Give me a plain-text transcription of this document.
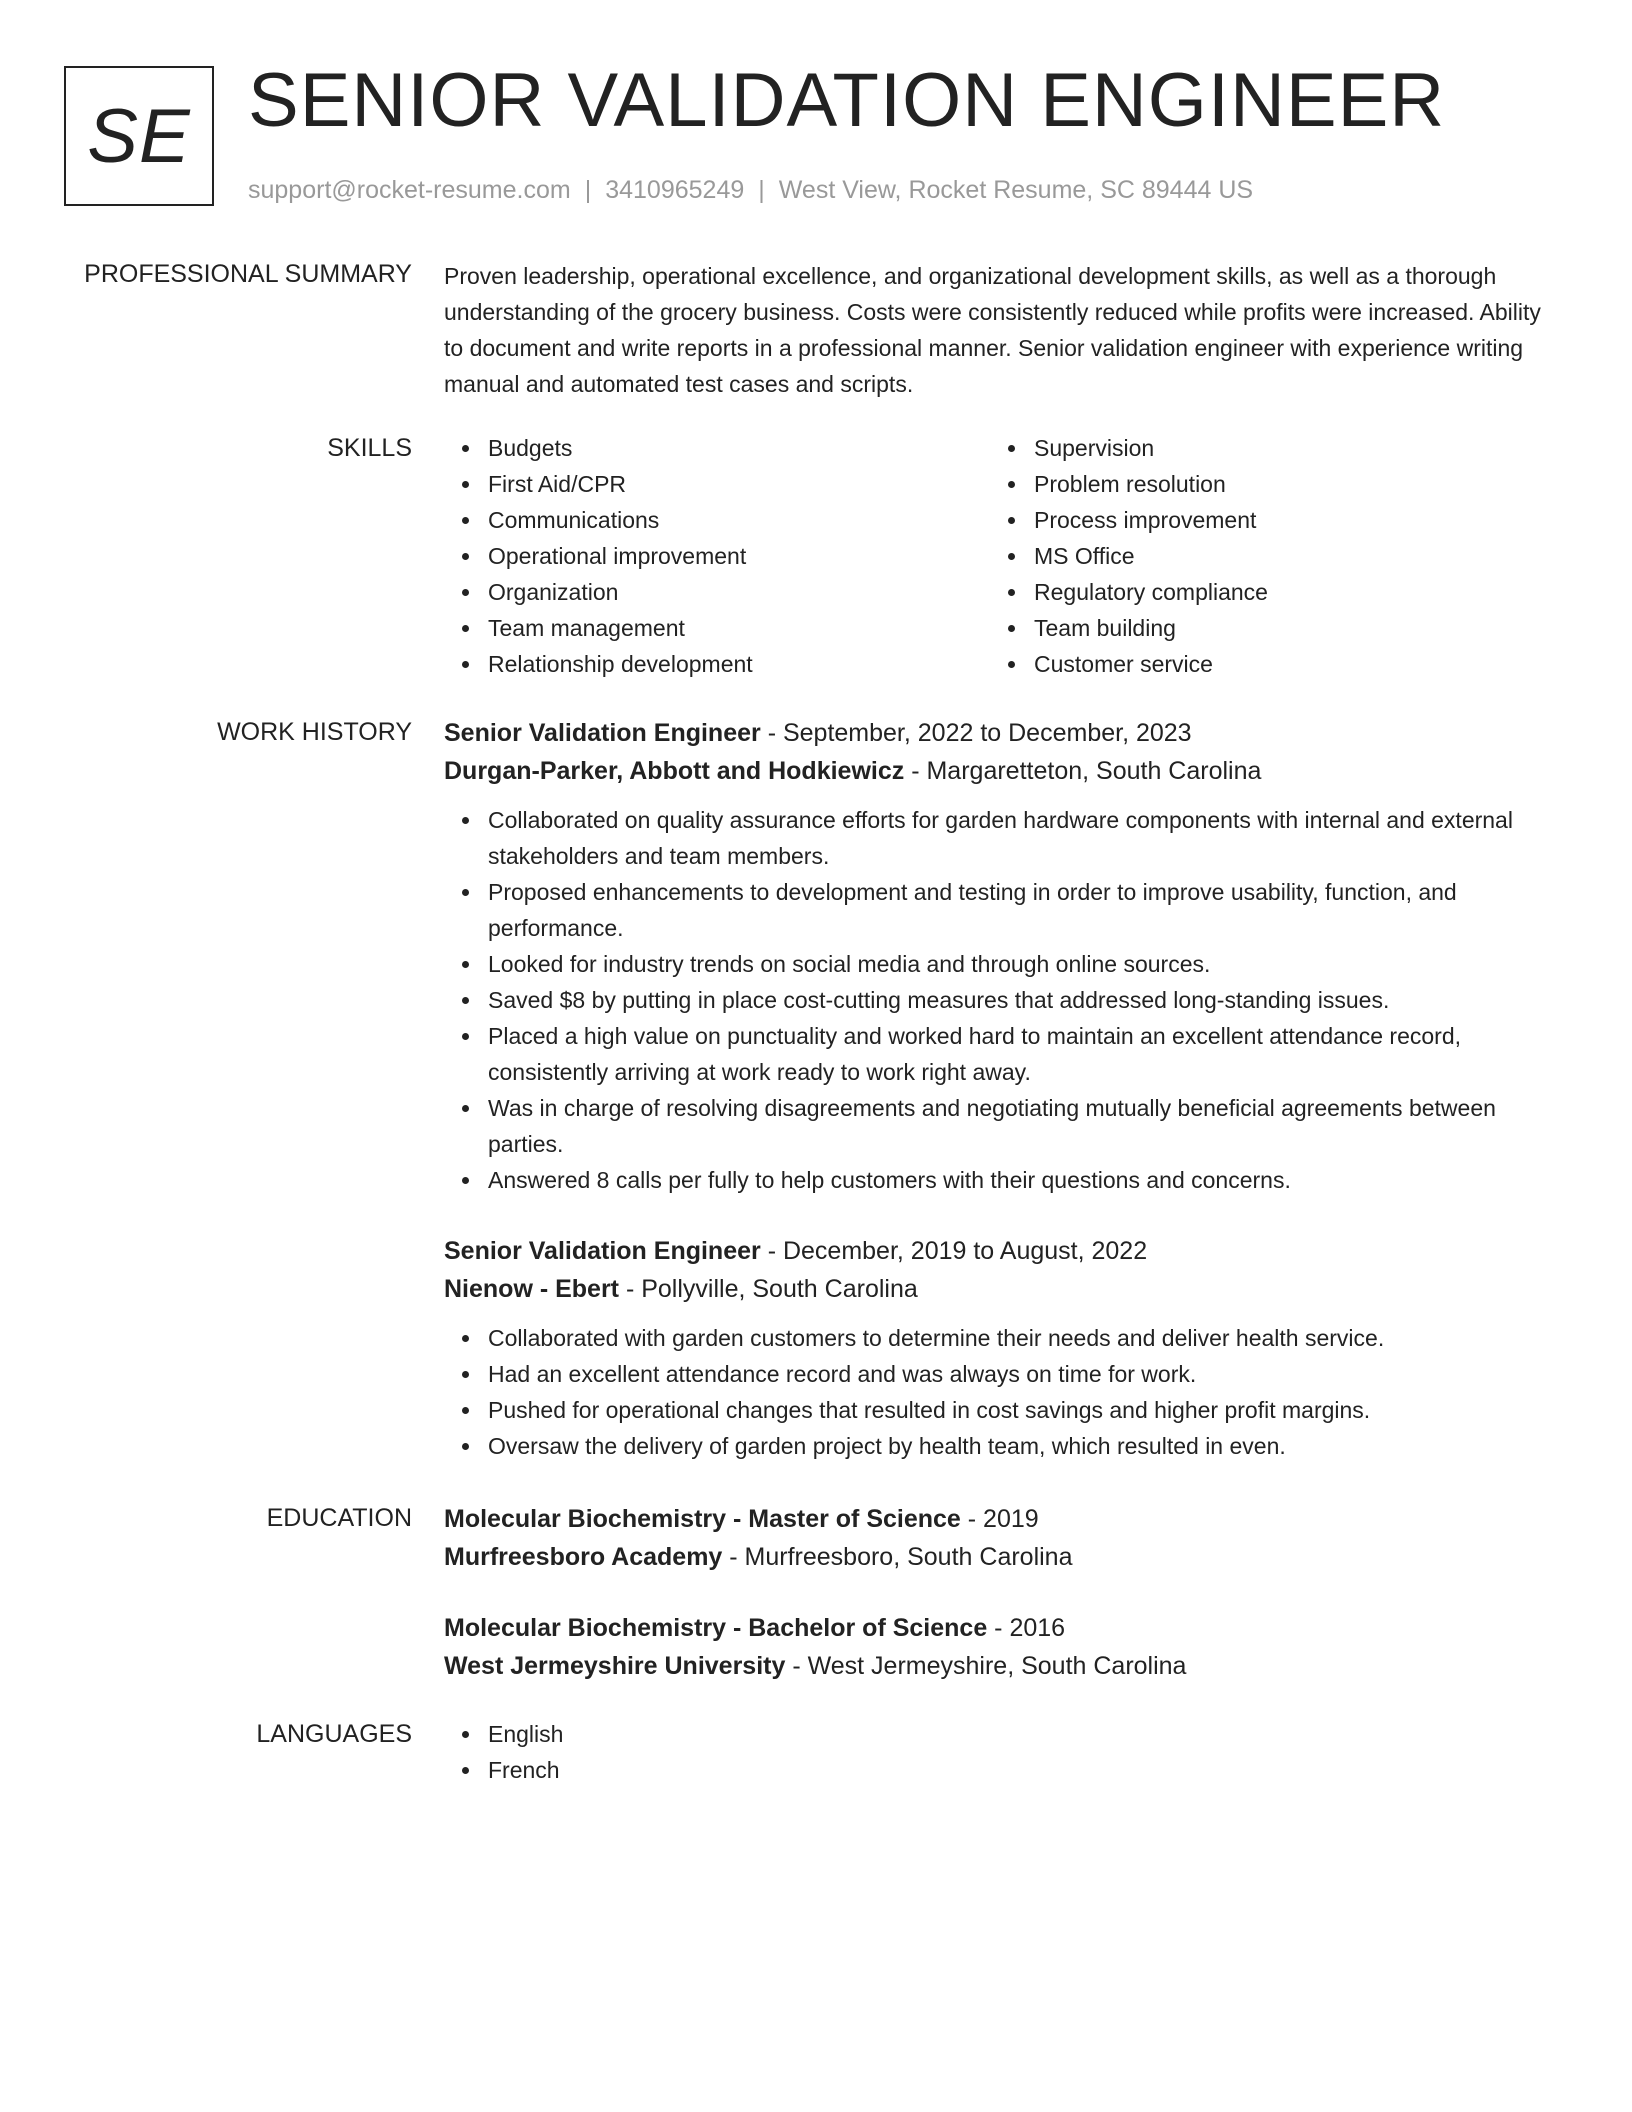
SE SENIOR VALIDATION ENGINEER
support@rocket-resume.com | 3410965249 | West View, Rocket Resume, SC 89444 US
PROFESSIONAL SUMMARY Proven leadership, operational excellence, and organizational development skills, as well as a thorough understanding of the grocery business. Costs were consistently reduced while profits were increased. Ability to document and write reports in a professional manner. Senior validation engineer with experience writing manual and automated test cases and scripts.

SKILLS	Budgets
First Aid/CPR
Communications
Operational improvement
Organization
Team management
Relationship development
Supervision
Problem resolution
Process improvement
MS Office
Regulatory compliance
Team building
Customer service
WORK HISTORY Senior Validation Engineer - September, 2022 to December, 2023
Durgan-Parker, Abbott and Hodkiewicz - Margaretteton, South Carolina
Collaborated on quality assurance efforts for garden hardware components with internal and external stakeholders and team members.
Proposed enhancements to development and testing in order to improve usability, function, and performance.
Looked for industry trends on social media and through online sources.
Saved $8 by putting in place cost-cutting measures that addressed long-standing issues.
Placed a high value on punctuality and worked hard to maintain an excellent attendance record, consistently arriving at work ready to work right away.
Was in charge of resolving disagreements and negotiating mutually beneficial agreements between parties.
Answered 8 calls per fully to help customers with their questions and concerns.
Senior Validation Engineer - December, 2019 to August, 2022
Nienow - Ebert - Pollyville, South Carolina
Collaborated with garden customers to determine their needs and deliver health service.
Had an excellent attendance record and was always on time for work.
Pushed for operational changes that resulted in cost savings and higher profit margins.
Oversaw the delivery of garden project by health team, which resulted in even.
EDUCATION Molecular Biochemistry - Master of Science - 2019
Murfreesboro Academy - Murfreesboro, South Carolina
Molecular Biochemistry - Bachelor of Science - 2016
West Jermeyshire University - West Jermeyshire, South Carolina
LANGUAGES	English
French
